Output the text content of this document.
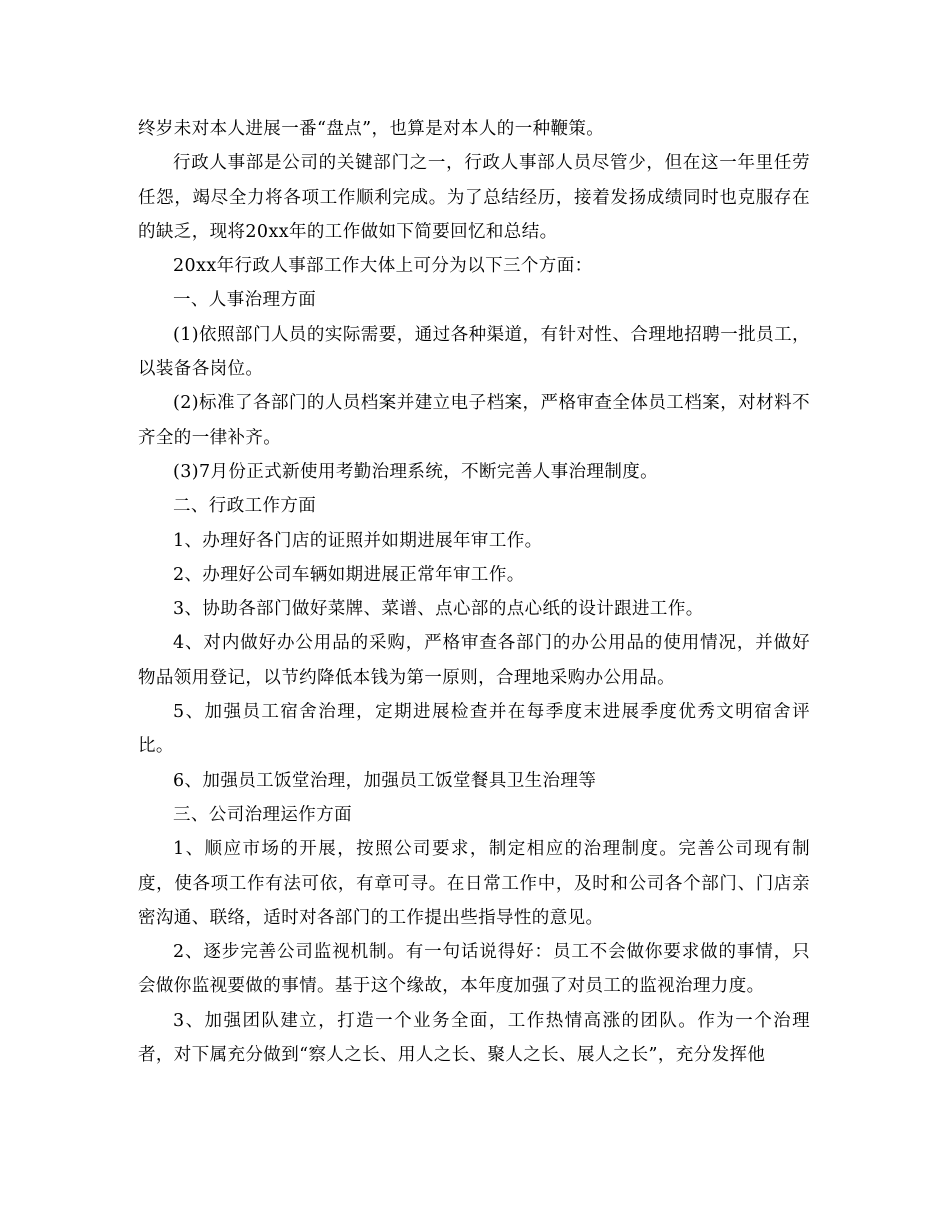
终岁未对本人进展一番“盘点”，也算是对本人的一种鞭策。

行政人事部是公司的关键部门之一，行政人事部人员尽管少，但在这一年里任劳任怨，竭尽全力将各项工作顺利完成。为了总结经历，接着发扬成绩同时也克服存在的缺乏，现将20xx年的工作做如下简要回忆和总结。

20xx年行政人事部工作大体上可分为以下三个方面：

一、人事治理方面

(1)依照部门人员的实际需要，通过各种渠道，有针对性、合理地招聘一批员工，以装备各岗位。

(2)标准了各部门的人员档案并建立电子档案，严格审查全体员工档案，对材料不齐全的一律补齐。

(3)7月份正式新使用考勤治理系统，不断完善人事治理制度。

二、行政工作方面

1、办理好各门店的证照并如期进展年审工作。

2、办理好公司车辆如期进展正常年审工作。

3、协助各部门做好菜牌、菜谱、点心部的点心纸的设计跟进工作。

4、对内做好办公用品的采购，严格审查各部门的办公用品的使用情况，并做好物品领用登记，以节约降低本钱为第一原则，合理地采购办公用品。

5、加强员工宿舍治理，定期进展检查并在每季度末进展季度优秀文明宿舍评比。

6、加强员工饭堂治理，加强员工饭堂餐具卫生治理等

三、公司治理运作方面

1、顺应市场的开展，按照公司要求，制定相应的治理制度。完善公司现有制度，使各项工作有法可依，有章可寻。在日常工作中，及时和公司各个部门、门店亲密沟通、联络，适时对各部门的工作提出些指导性的意见。

2、逐步完善公司监视机制。有一句话说得好：员工不会做你要求做的事情，只会做你监视要做的事情。基于这个缘故，本年度加强了对员工的监视治理力度。

3、加强团队建立，打造一个业务全面，工作热情高涨的团队。作为一个治理者，对下属充分做到“察人之长、用人之长、聚人之长、展人之长”，充分发挥他
